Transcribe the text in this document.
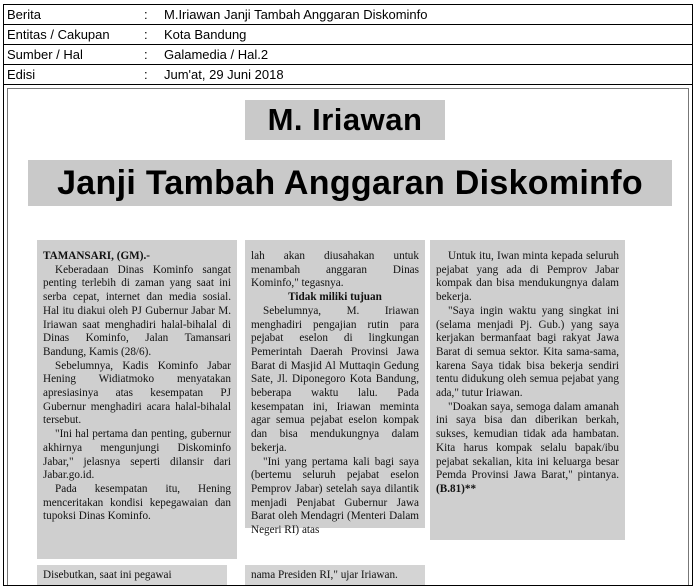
Berita	:	M.Iriawan Janji Tambah Anggaran Diskominfo
Entitas / Cakupan	:	Kota Bandung
Sumber / Hal	:	Galamedia / Hal.2
Edisi	:	Jum'at, 29 Juni 2018
M. Iriawan
Janji Tambah Anggaran Diskominfo

TAMANSARI, (GM).-

Keberadaan Dinas Kominfo sangat penting terlebih di zaman yang saat ini serba cepat, internet dan media sosial. Hal itu diakui oleh PJ Gubernur Jabar M. Iriawan saat menghadiri halal-bihalal di Dinas Kominfo, Jalan Tamansari Bandung, Kamis (28/6).

Sebelumnya, Kadis Kominfo Jabar Hening Widiatmoko menyatakan apresiasinya atas kesempatan PJ Gubernur menghadiri acara halal-bihalal tersebut.

"Ini hal pertama dan penting, gubernur akhirnya mengunjungi Diskominfo Jabar," jelasnya seperti dilansir dari Jabar.go.id.

Pada kesempatan itu, Hening menceritakan kondisi kepegawaian dan tupoksi Dinas Kominfo.

lah akan diusahakan untuk menambah anggaran Dinas Kominfo," tegasnya.

Tidak miliki tujuan

Sebelumnya, M. Iriawan menghadiri pengajian rutin para pejabat eselon di lingkungan Pemerintah Daerah Provinsi Jawa Barat di Masjid Al Muttaqin Gedung Sate, Jl. Diponegoro Kota Bandung, beberapa waktu lalu. Pada kesempatan ini, Iriawan meminta agar semua pejabat eselon kompak dan bisa mendukungnya dalam bekerja.

"Ini yang pertama kali bagi saya (bertemu seluruh pejabat eselon Pemprov Jabar) setelah saya dilantik menjadi Penjabat Gubernur Jawa Barat oleh Mendagri (Menteri Dalam Negeri RI) atas

Untuk itu, Iwan minta kepada seluruh pejabat yang ada di Pemprov Jabar kompak dan bisa mendukungnya dalam bekerja.

"Saya ingin waktu yang singkat ini (selama menjadi Pj. Gub.) yang saya kerjakan bermanfaat bagi rakyat Jawa Barat di semua sektor. Kita sama-sama, karena Saya tidak bisa bekerja sendiri tentu didukung oleh semua pejabat yang ada," tutur Iriawan.

"Doakan saya, semoga dalam amanah ini saya bisa dan diberikan berkah, sukses, kemudian tidak ada hambatan. Kita harus kompak selalu bapak/ibu pejabat sekalian, kita ini keluarga besar Pemda Provinsi Jawa Barat," pintanya. (B.81)**

Disebutkan, saat ini pegawai	nama Presiden RI," ujar Iriawan.
